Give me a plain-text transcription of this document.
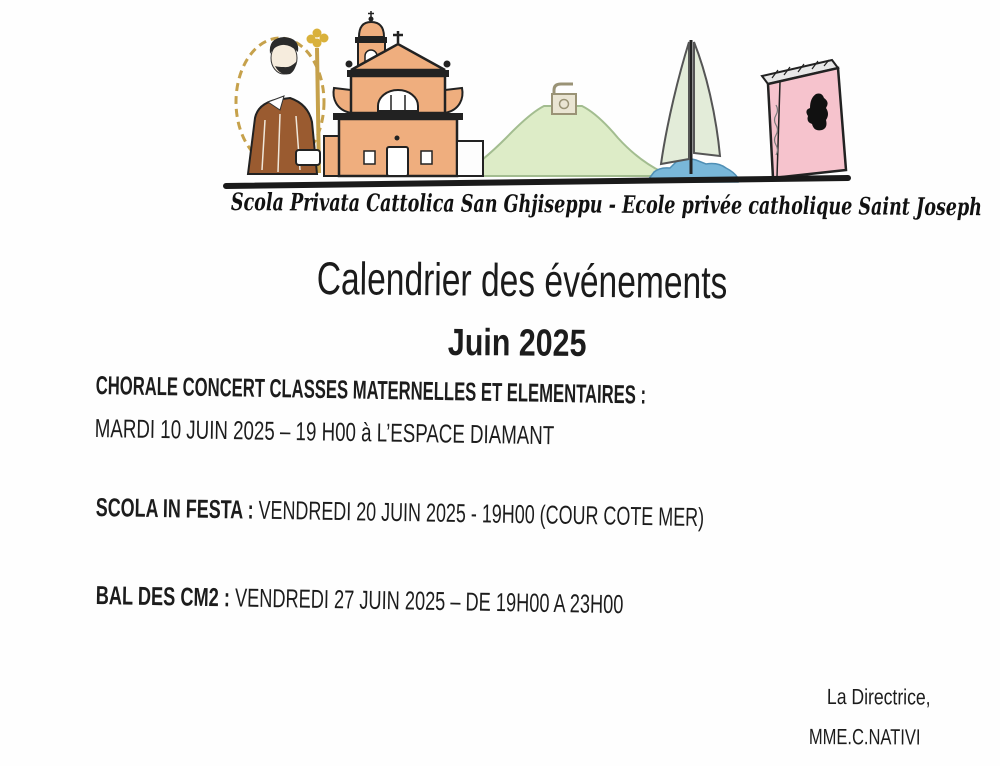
Scola Privata Cattolica San Ghjiseppu - Ecole privée catholique Saint Joseph
Calendrier des événements
Juin 2025
CHORALE CONCERT CLASSES MATERNELLES ET ELEMENTAIRES :
MARDI 10 JUIN 2025 – 19 H00 à L’ESPACE DIAMANT
SCOLA IN FESTA : VENDREDI 20 JUIN 2025 - 19H00 (COUR COTE MER)
BAL DES CM2 : VENDREDI 27 JUIN 2025 – DE 19H00 A 23H00
La Directrice,
MME.C.NATIVI
